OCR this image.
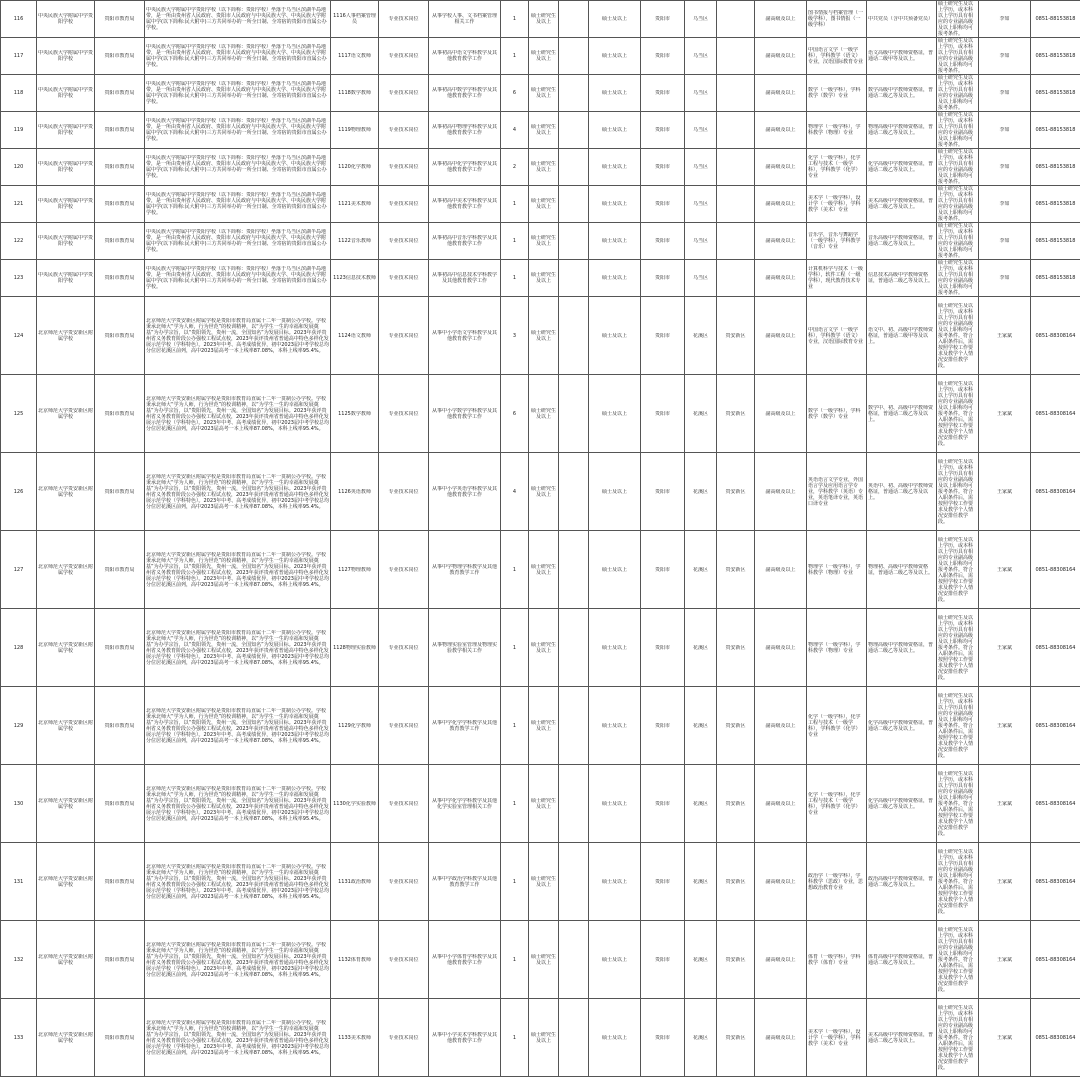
116	中央民族大学附属中学贵阳学校	贵阳市教育局	中央民族大学附属中学贵阳学校（以下简称：贵阳学校）坐落于乌当区滨湖半岛地带，是一所由贵州省人民政府、贵阳市人民政府与中央民族大学、中央民族大学附属中学(以下简称:民大附中)三方共同举办的一所全日制、全寄宿的贵阳市直属公办学校。	1116人事档案管理员	专业技术岗位	从事学校人事、文书档案管理相关工作	1	硕士研究生及以上		硕士及以上	贵阳市	乌当区		副高级及以上	图书情报与档案管理（一级学科），图书情报（一级学科）	中共党员（含中共预备党员）	硕士研究生及以上学历，或本科以上学历具有相应的专业副高级及以上职称均可报考条件。	李如	0851-88153818

117	中央民族大学附属中学贵阳学校	贵阳市教育局	中央民族大学附属中学贵阳学校（以下简称：贵阳学校）坐落于乌当区滨湖半岛地带，是一所由贵州省人民政府、贵阳市人民政府与中央民族大学、中央民族大学附属中学(以下简称:民大附中)三方共同举办的一所全日制、全寄宿的贵阳市直属公办学校。	1117语文教师	专业技术岗位	从事初高中语文学科教学及其他教育教学工作	1	硕士研究生及以上		硕士及以上	贵阳市	乌当区		副高级及以上	中国语言文学（一级学科），学科教学（语文）专业，汉语国际教育专业	语文高级中学教师资格证，普通话二级甲等及以上。	硕士研究生及以上学历，或本科以上学历具有相应的专业副高级及以上职称均可报考条件。	李如	0851-88153818

118	中央民族大学附属中学贵阳学校	贵阳市教育局	中央民族大学附属中学贵阳学校（以下简称：贵阳学校）坐落于乌当区滨湖半岛地带，是一所由贵州省人民政府、贵阳市人民政府与中央民族大学、中央民族大学附属中学(以下简称:民大附中)三方共同举办的一所全日制、全寄宿的贵阳市直属公办学校。	1118数学教师	专业技术岗位	从事初高中数学学科教学及其他教育教学工作	6	硕士研究生及以上		硕士及以上	贵阳市	乌当区		副高级及以上	数学（一级学科），学科教学（数学）专业	数学高级中学教师资格证，普通话二级乙等及以上。	硕士研究生及以上学历，或本科以上学历具有相应的专业副高级及以上职称均可报考条件。	李如	0851-88153818

119	中央民族大学附属中学贵阳学校	贵阳市教育局	中央民族大学附属中学贵阳学校（以下简称：贵阳学校）坐落于乌当区滨湖半岛地带，是一所由贵州省人民政府、贵阳市人民政府与中央民族大学、中央民族大学附属中学(以下简称:民大附中)三方共同举办的一所全日制、全寄宿的贵阳市直属公办学校。	1119物理教师	专业技术岗位	从事初高中物理学科教学及其他教育教学工作	4	硕士研究生及以上		硕士及以上	贵阳市	乌当区		副高级及以上	物理学（一级学科），学科教学（物理）专业	物理高级中学教师资格证，普通话二级乙等及以上。	硕士研究生及以上学历，或本科以上学历具有相应的专业副高级及以上职称均可报考条件。	李如	0851-88153818

120	中央民族大学附属中学贵阳学校	贵阳市教育局	中央民族大学附属中学贵阳学校（以下简称：贵阳学校）坐落于乌当区滨湖半岛地带，是一所由贵州省人民政府、贵阳市人民政府与中央民族大学、中央民族大学附属中学(以下简称:民大附中)三方共同举办的一所全日制、全寄宿的贵阳市直属公办学校。	1120化学教师	专业技术岗位	从事初高中化学学科教学及其他教育教学工作	2	硕士研究生及以上		硕士及以上	贵阳市	乌当区		副高级及以上	化学（一级学科），化学工程与技术（一级学科），学科教学（化学）专业	化学高级中学教师资格证，普通话二级乙等及以上。	硕士研究生及以上学历，或本科以上学历具有相应的专业副高级及以上职称均可报考条件。	李如	0851-88153818

121	中央民族大学附属中学贵阳学校	贵阳市教育局	中央民族大学附属中学贵阳学校（以下简称：贵阳学校）坐落于乌当区滨湖半岛地带，是一所由贵州省人民政府、贵阳市人民政府与中央民族大学、中央民族大学附属中学(以下简称:民大附中)三方共同举办的一所全日制、全寄宿的贵阳市直属公办学校。	1121美术教师	专业技术岗位	从事初高中美术学科教学及其他教育教学工作	1	硕士研究生及以上		硕士及以上	贵阳市	乌当区		副高级及以上	美术学（一级学科），设计学（一级学科），学科教学（美术）专业	美术高级中学教师资格证，普通话二级乙等及以上。	硕士研究生及以上学历，或本科以上学历具有相应的专业副高级及以上职称均可报考条件。	李如	0851-88153818

122	中央民族大学附属中学贵阳学校	贵阳市教育局	中央民族大学附属中学贵阳学校（以下简称：贵阳学校）坐落于乌当区滨湖半岛地带，是一所由贵州省人民政府、贵阳市人民政府与中央民族大学、中央民族大学附属中学(以下简称:民大附中)三方共同举办的一所全日制、全寄宿的贵阳市直属公办学校。	1122音乐教师	专业技术岗位	从事初高中音乐学科教学及其他教育教学工作	1	硕士研究生及以上		硕士及以上	贵阳市	乌当区		副高级及以上	音乐学，音乐与舞蹈学（一级学科），学科教学（音乐）专业	音乐高级中学教师资格证，普通话二级乙等及以上。	硕士研究生及以上学历，或本科以上学历具有相应的专业副高级及以上职称均可报考条件。	李如	0851-88153818

123	中央民族大学附属中学贵阳学校	贵阳市教育局	中央民族大学附属中学贵阳学校（以下简称：贵阳学校）坐落于乌当区滨湖半岛地带，是一所由贵州省人民政府、贵阳市人民政府与中央民族大学、中央民族大学附属中学(以下简称:民大附中)三方共同举办的一所全日制、全寄宿的贵阳市直属公办学校。	1123信息技术教师	专业技术岗位	从事初高中信息技术学科教学及其他教育教学工作	1	硕士研究生及以上		硕士及以上	贵阳市	乌当区		副高级及以上	计算机科学与技术（一级学科），软件工程（一级学科），现代教育技术专业	信息技术高级中学教师资格证，普通话二级乙等及以上。	硕士研究生及以上学历，或本科以上学历具有相应的专业副高级及以上职称均可报考条件。	李如	0851-88153818

124	北京师范大学贵安新区附属学校	贵阳市教育局	北京师范大学贵安新区附属学校是贵阳市教育局直属十二年一贯制公办学校。学校秉承北师大“学为人师，行为世范”的校训精神，以“为学生一生的幸福和发展奠基”为办学宗旨，以“贵阳领先，贵州一流，全国知名”为发展目标。2023年获评贵州省义务教育阶段公办强校工程试点校，2023年获评贵州省普通高中特色多样化发展示范学校（学科特色）。2023年中考、高考成绩优异，初中2023届中考学校总均分位居花溪区前列，高中2023届高考一本上线率87.08%，本科上线率95.4%。	1124语文教师	专业技术岗位	从事中小学语文学科教学及其他教育教学工作	3	硕士研究生及以上		硕士及以上	贵阳市	花溪区	贵安新区	副高级及以上	中国语言文学（一级学科），学科教学（语文）专业，汉语国际教育专业	语文中、初、高级中学教师资格证，普通话二级甲等及以上。	硕士研究生及以上学历，或本科以上学历具有相应的专业副高级及以上职称均可报考条件。符合入职条件后，需按照学校工作要求及教学个人情况安排任教学段。	王家斌	0851-88308164

125	北京师范大学贵安新区附属学校	贵阳市教育局	北京师范大学贵安新区附属学校是贵阳市教育局直属十二年一贯制公办学校。学校秉承北师大“学为人师，行为世范”的校训精神，以“为学生一生的幸福和发展奠基”为办学宗旨，以“贵阳领先，贵州一流，全国知名”为发展目标。2023年获评贵州省义务教育阶段公办强校工程试点校，2023年获评贵州省普通高中特色多样化发展示范学校（学科特色）。2023年中考、高考成绩优异，初中2023届中考学校总均分位居花溪区前列，高中2023届高考一本上线率87.08%，本科上线率95.4%。	1125数学教师	专业技术岗位	从事中小学数学学科教学及其他教育教学工作	6	硕士研究生及以上		硕士及以上	贵阳市	花溪区	贵安新区	副高级及以上	数学（一级学科），学科教学（数学）专业	数学中、初、高级中学教师资格证，普通话二级乙等及以上。	硕士研究生及以上学历，或本科以上学历具有相应的专业副高级及以上职称均可报考条件。符合入职条件后，需按照学校工作要求及教学个人情况安排任教学段。	王家斌	0851-88308164

126	北京师范大学贵安新区附属学校	贵阳市教育局	北京师范大学贵安新区附属学校是贵阳市教育局直属十二年一贯制公办学校。学校秉承北师大“学为人师，行为世范”的校训精神，以“为学生一生的幸福和发展奠基”为办学宗旨，以“贵阳领先，贵州一流，全国知名”为发展目标。2023年获评贵州省义务教育阶段公办强校工程试点校，2023年获评贵州省普通高中特色多样化发展示范学校（学科特色）。2023年中考、高考成绩优异，初中2023届中考学校总均分位居花溪区前列，高中2023届高考一本上线率87.08%，本科上线率95.4%。	1126英语教师	专业技术岗位	从事中小学英语学科教学及其他教育教学工作	4	硕士研究生及以上		硕士及以上	贵阳市	花溪区	贵安新区	副高级及以上	英语语言文学专业，外国语言学及应用语言学专业，学科教学（英语）专业，英语笔译专业，英语口译专业	英语中、初、高级中学教师资格证，普通话二级乙等及以上。	硕士研究生及以上学历，或本科以上学历具有相应的专业副高级及以上职称均可报考条件。符合入职条件后，需按照学校工作要求及教学个人情况安排任教学段。	王家斌	0851-88308164

127	北京师范大学贵安新区附属学校	贵阳市教育局	北京师范大学贵安新区附属学校是贵阳市教育局直属十二年一贯制公办学校。学校秉承北师大“学为人师，行为世范”的校训精神，以“为学生一生的幸福和发展奠基”为办学宗旨，以“贵阳领先，贵州一流，全国知名”为发展目标。2023年获评贵州省义务教育阶段公办强校工程试点校，2023年获评贵州省普通高中特色多样化发展示范学校（学科特色）。2023年中考、高考成绩优异，初中2023届中考学校总均分位居花溪区前列，高中2023届高考一本上线率87.08%，本科上线率95.4%。	1127物理教师	专业技术岗位	从事中学物理学科教学及其他教育教学工作	1	硕士研究生及以上		硕士及以上	贵阳市	花溪区	贵安新区	副高级及以上	物理学（一级学科），学科教学（物理）专业	物理初、高级中学教师资格证，普通话二级乙等及以上。	硕士研究生及以上学历，或本科以上学历具有相应的专业副高级及以上职称均可报考条件。符合入职条件后，需按照学校工作要求及教学个人情况安排任教学段。	王家斌	0851-88308164

128	北京师范大学贵安新区附属学校	贵阳市教育局	北京师范大学贵安新区附属学校是贵阳市教育局直属十二年一贯制公办学校。学校秉承北师大“学为人师，行为世范”的校训精神，以“为学生一生的幸福和发展奠基”为办学宗旨，以“贵阳领先，贵州一流，全国知名”为发展目标。2023年获评贵州省义务教育阶段公办强校工程试点校，2023年获评贵州省普通高中特色多样化发展示范学校（学科特色）。2023年中考、高考成绩优异，初中2023届中考学校总均分位居花溪区前列，高中2023届高考一本上线率87.08%，本科上线率95.4%。	1128物理实验教师	专业技术岗位	从事物理实验室管理及物理实验教学相关工作	1	硕士研究生及以上		硕士及以上	贵阳市	花溪区	贵安新区	副高级及以上	物理学（一级学科），学科教学（物理）专业	物理高级中学教师资格证，普通话二级乙等及以上。	硕士研究生及以上学历，或本科以上学历具有相应的专业副高级及以上职称均可报考条件。符合入职条件后，需按照学校工作要求及教学个人情况安排任教学段。	王家斌	0851-88308164

129	北京师范大学贵安新区附属学校	贵阳市教育局	北京师范大学贵安新区附属学校是贵阳市教育局直属十二年一贯制公办学校。学校秉承北师大“学为人师，行为世范”的校训精神，以“为学生一生的幸福和发展奠基”为办学宗旨，以“贵阳领先，贵州一流，全国知名”为发展目标。2023年获评贵州省义务教育阶段公办强校工程试点校，2023年获评贵州省普通高中特色多样化发展示范学校（学科特色）。2023年中考、高考成绩优异，初中2023届中考学校总均分位居花溪区前列，高中2023届高考一本上线率87.08%，本科上线率95.4%。	1129化学教师	专业技术岗位	从事中学化学学科教学及其他教育教学工作	1	硕士研究生及以上		硕士及以上	贵阳市	花溪区	贵安新区	副高级及以上	化学（一级学科），化学工程与技术（一级学科），学科教学（化学）专业	化学高级中学教师资格证，普通话二级乙等及以上。	硕士研究生及以上学历，或本科以上学历具有相应的专业副高级及以上职称均可报考条件。符合入职条件后，需按照学校工作要求及教学个人情况安排任教学段。	王家斌	0851-88308164

130	北京师范大学贵安新区附属学校	贵阳市教育局	北京师范大学贵安新区附属学校是贵阳市教育局直属十二年一贯制公办学校。学校秉承北师大“学为人师，行为世范”的校训精神，以“为学生一生的幸福和发展奠基”为办学宗旨，以“贵阳领先，贵州一流，全国知名”为发展目标。2023年获评贵州省义务教育阶段公办强校工程试点校，2023年获评贵州省普通高中特色多样化发展示范学校（学科特色）。2023年中考、高考成绩优异，初中2023届中考学校总均分位居花溪区前列，高中2023届高考一本上线率87.08%，本科上线率95.4%。	1130化学实验教师	专业技术岗位	从事中学化学学科教学及其他化学实验室管理相关工作	1	硕士研究生及以上		硕士及以上	贵阳市	花溪区	贵安新区	副高级及以上	化学（一级学科），化学工程与技术（一级学科），学科教学（化学）专业	化学高级中学教师资格证，普通话二级乙等及以上。	硕士研究生及以上学历，或本科以上学历具有相应的专业副高级及以上职称均可报考条件。符合入职条件后，需按照学校工作要求及教学个人情况安排任教学段。	王家斌	0851-88308164

131	北京师范大学贵安新区附属学校	贵阳市教育局	北京师范大学贵安新区附属学校是贵阳市教育局直属十二年一贯制公办学校。学校秉承北师大“学为人师，行为世范”的校训精神，以“为学生一生的幸福和发展奠基”为办学宗旨，以“贵阳领先，贵州一流，全国知名”为发展目标。2023年获评贵州省义务教育阶段公办强校工程试点校，2023年获评贵州省普通高中特色多样化发展示范学校（学科特色）。2023年中考、高考成绩优异，初中2023届中考学校总均分位居花溪区前列，高中2023届高考一本上线率87.08%，本科上线率95.4%。	1131政治教师	专业技术岗位	从事中学政治学科教学及其他教育教学工作	1	硕士研究生及以上		硕士及以上	贵阳市	花溪区	贵安新区	副高级及以上	政治学（一级学科），学科教学（思政）专业，思想政治教育专业	政治高级中学教师资格证，普通话二级乙等及以上。	硕士研究生及以上学历，或本科以上学历具有相应的专业副高级及以上职称均可报考条件。符合入职条件后，需按照学校工作要求及教学个人情况安排任教学段。	王家斌	0851-88308164

132	北京师范大学贵安新区附属学校	贵阳市教育局	北京师范大学贵安新区附属学校是贵阳市教育局直属十二年一贯制公办学校。学校秉承北师大“学为人师，行为世范”的校训精神，以“为学生一生的幸福和发展奠基”为办学宗旨，以“贵阳领先，贵州一流，全国知名”为发展目标。2023年获评贵州省义务教育阶段公办强校工程试点校，2023年获评贵州省普通高中特色多样化发展示范学校（学科特色）。2023年中考、高考成绩优异，初中2023届中考学校总均分位居花溪区前列，高中2023届高考一本上线率87.08%，本科上线率95.4%。	1132体育教师	专业技术岗位	从事中小学体育学科教学及其他教育教学工作	1	硕士研究生及以上		硕士及以上	贵阳市	花溪区	贵安新区	副高级及以上	体育（一级学科），学科教学（体育）专业	体育高级中学教师资格证，普通话二级乙等及以上。	硕士研究生及以上学历，或本科以上学历具有相应的专业副高级及以上职称均可报考条件。符合入职条件后，需按照学校工作要求及教学个人情况安排任教学段。	王家斌	0851-88308164

133	北京师范大学贵安新区附属学校	贵阳市教育局	北京师范大学贵安新区附属学校是贵阳市教育局直属十二年一贯制公办学校。学校秉承北师大“学为人师，行为世范”的校训精神，以“为学生一生的幸福和发展奠基”为办学宗旨，以“贵阳领先，贵州一流，全国知名”为发展目标。2023年获评贵州省义务教育阶段公办强校工程试点校，2023年获评贵州省普通高中特色多样化发展示范学校（学科特色）。2023年中考、高考成绩优异，初中2023届中考学校总均分位居花溪区前列，高中2023届高考一本上线率87.08%，本科上线率95.4%。	1133美术教师	专业技术岗位	从事中小学美术学科教学及其他教育教学工作	1	硕士研究生及以上		硕士及以上	贵阳市	花溪区	贵安新区	副高级及以上	美术学（一级学科），设计学（一级学科），学科教学（美术）专业	美术高级中学教师资格证，普通话二级乙等及以上。	硕士研究生及以上学历，或本科以上学历具有相应的专业副高级及以上职称均可报考条件。符合入职条件后，需按照学校工作要求及教学个人情况安排任教学段。	王家斌	0851-88308164
